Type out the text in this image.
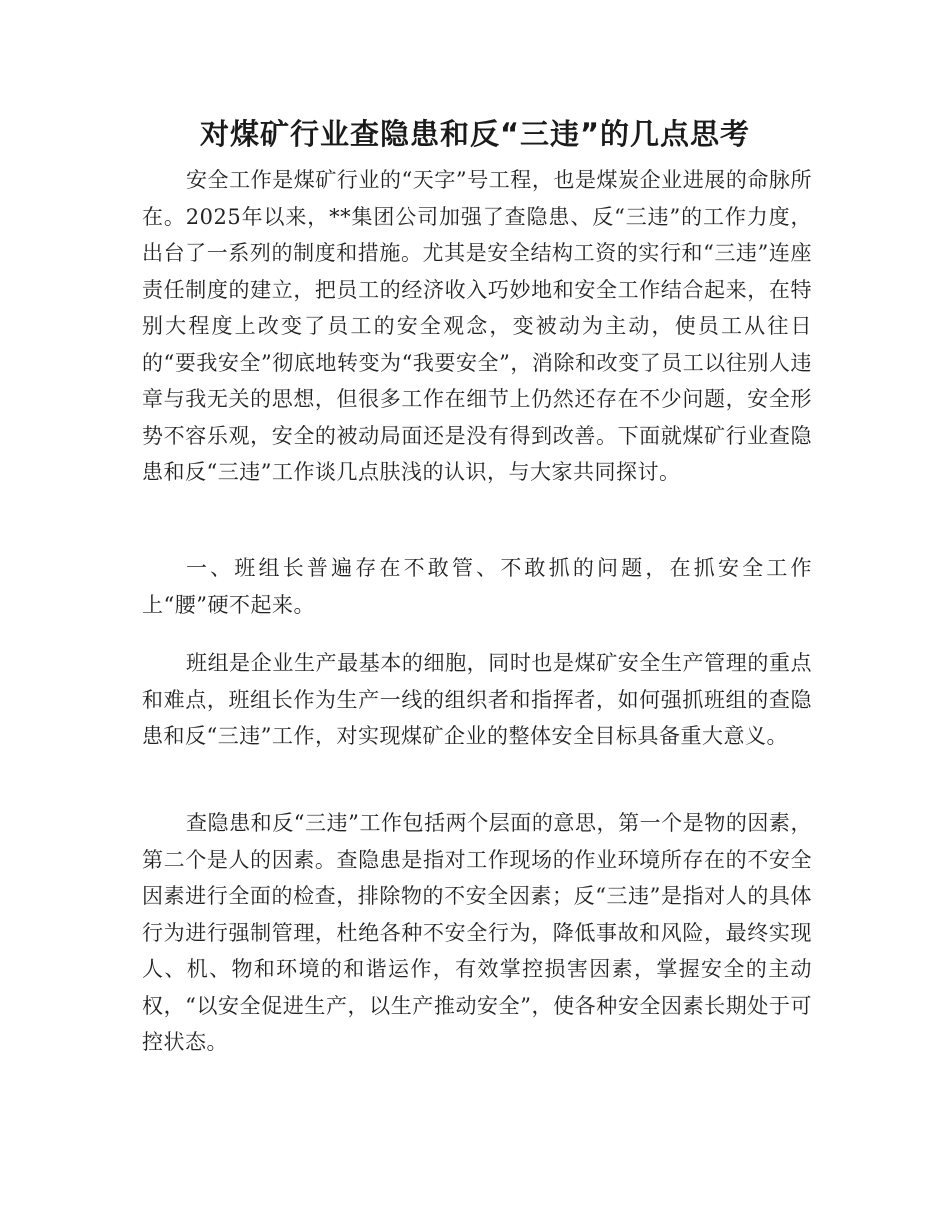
对煤矿行业查隐患和反“三违”的几点思考
安全工作是煤矿行业的“天字”号工程，也是煤炭企业进展的命脉所在。2025年以来，**集团公司加强了查隐患、反“三违”的工作力度，出台了一系列的制度和措施。尤其是安全结构工资的实行和“三违”连座责任制度的建立，把员工的经济收入巧妙地和安全工作结合起来，在特别大程度上改变了员工的安全观念，变被动为主动，使员工从往日的“要我安全”彻底地转变为“我要安全”，消除和改变了员工以往别人违章与我无关的思想，但很多工作在细节上仍然还存在不少问题，安全形势不容乐观，安全的被动局面还是没有得到改善。下面就煤矿行业查隐患和反“三违”工作谈几点肤浅的认识，与大家共同探讨。
一、班组长普遍存在不敢管、不敢抓的问题，在抓安全工作上“腰”硬不起来。
班组是企业生产最基本的细胞，同时也是煤矿安全生产管理的重点和难点，班组长作为生产一线的组织者和指挥者，如何强抓班组的查隐患和反“三违”工作，对实现煤矿企业的整体安全目标具备重大意义。
查隐患和反“三违”工作包括两个层面的意思，第一个是物的因素，第二个是人的因素。查隐患是指对工作现场的作业环境所存在的不安全因素进行全面的检查，排除物的不安全因素；反“三违”是指对人的具体行为进行强制管理，杜绝各种不安全行为，降低事故和风险，最终实现人、机、物和环境的和谐运作，有效掌控损害因素，掌握安全的主动权，“以安全促进生产，以生产推动安全”，使各种安全因素长期处于可控状态。
